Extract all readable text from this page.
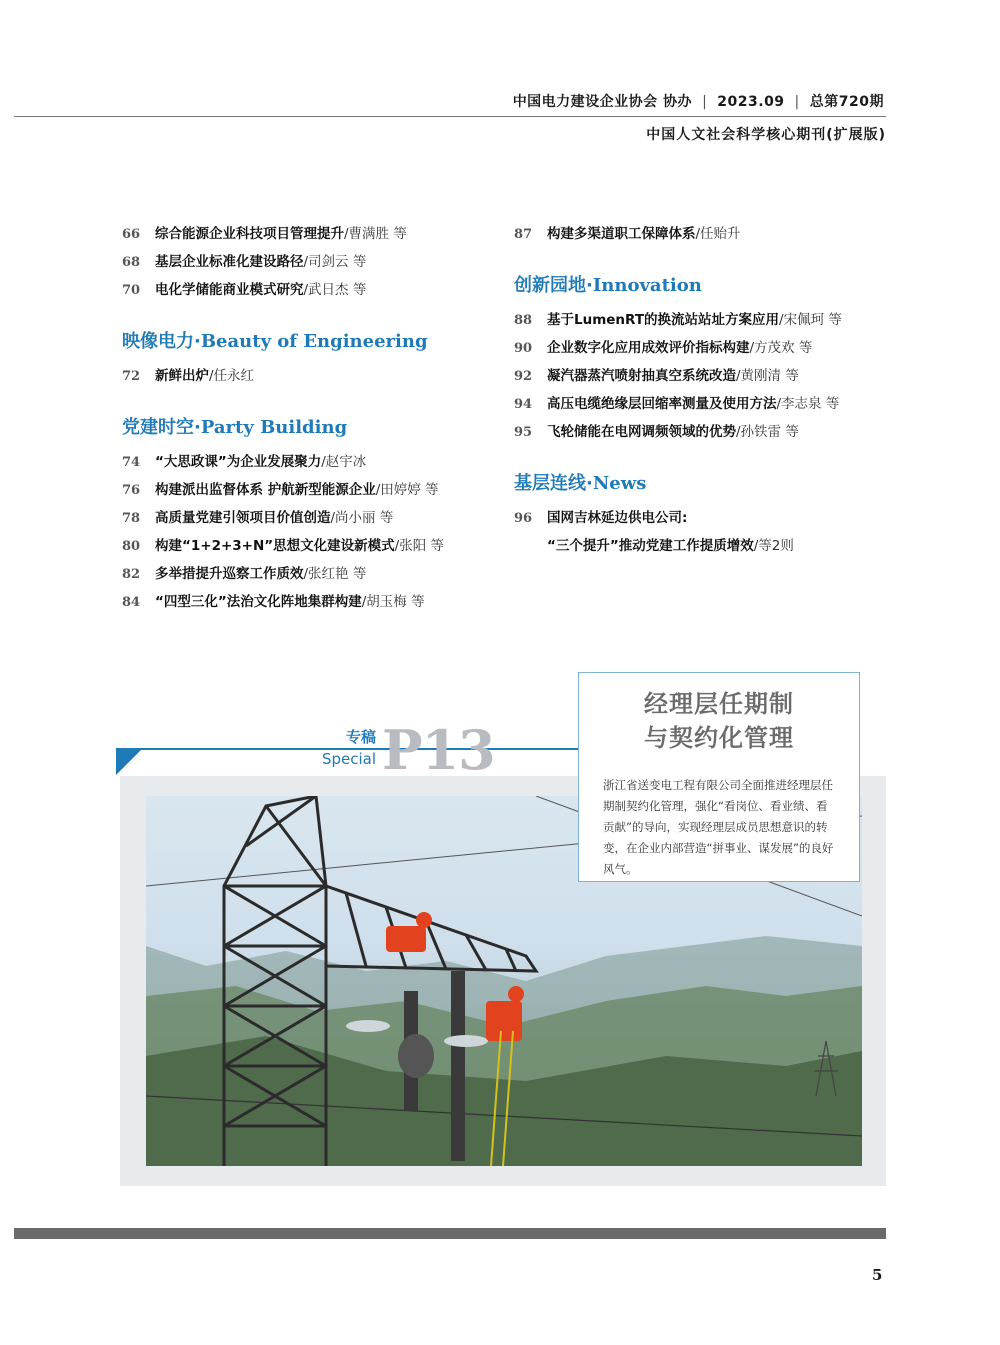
中国电力建设企业协会 协办 | 2023.09 | 总第720期
中国人文社会科学核心期刊(扩展版)
66 综合能源企业科技项目管理提升/曹满胜 等
68 基层企业标准化建设路径/司剑云 等
70 电化学储能商业模式研究/武日杰 等
映像电力·Beauty of Engineering
72 新鲜出炉/任永红
党建时空·Party Building
74 “大思政课”为企业发展聚力/赵宇冰
76 构建派出监督体系 护航新型能源企业/田婷婷 等
78 高质量党建引领项目价值创造/尚小丽 等
80 构建“1+2+3+N”思想文化建设新模式/张阳 等
82 多举措提升巡察工作质效/张红艳 等
84 “四型三化”法治文化阵地集群构建/胡玉梅 等
87 构建多渠道职工保障体系/任贻升
创新园地·Innovation
88 基于LumenRT的换流站站址方案应用/宋佩珂 等
90 企业数字化应用成效评价指标构建/方茂欢 等
92 凝汽器蒸汽喷射抽真空系统改造/黄刚清 等
94 高压电缆绝缘层回缩率测量及使用方法/李志泉 等
95 飞轮储能在电网调频领域的优势/孙铁雷 等
基层连线·News
96 国网吉林延边供电公司:
“三个提升”推动党建工作提质增效/等2则
专稿
Special P13
经理层任期制
与契约化管理
浙江省送变电工程有限公司全面推进经理层任期制契约化管理，强化“看岗位、看业绩、看贡献”的导向，实现经理层成员思想意识的转变，在企业内部营造“拼事业、谋发展”的良好风气。
5
